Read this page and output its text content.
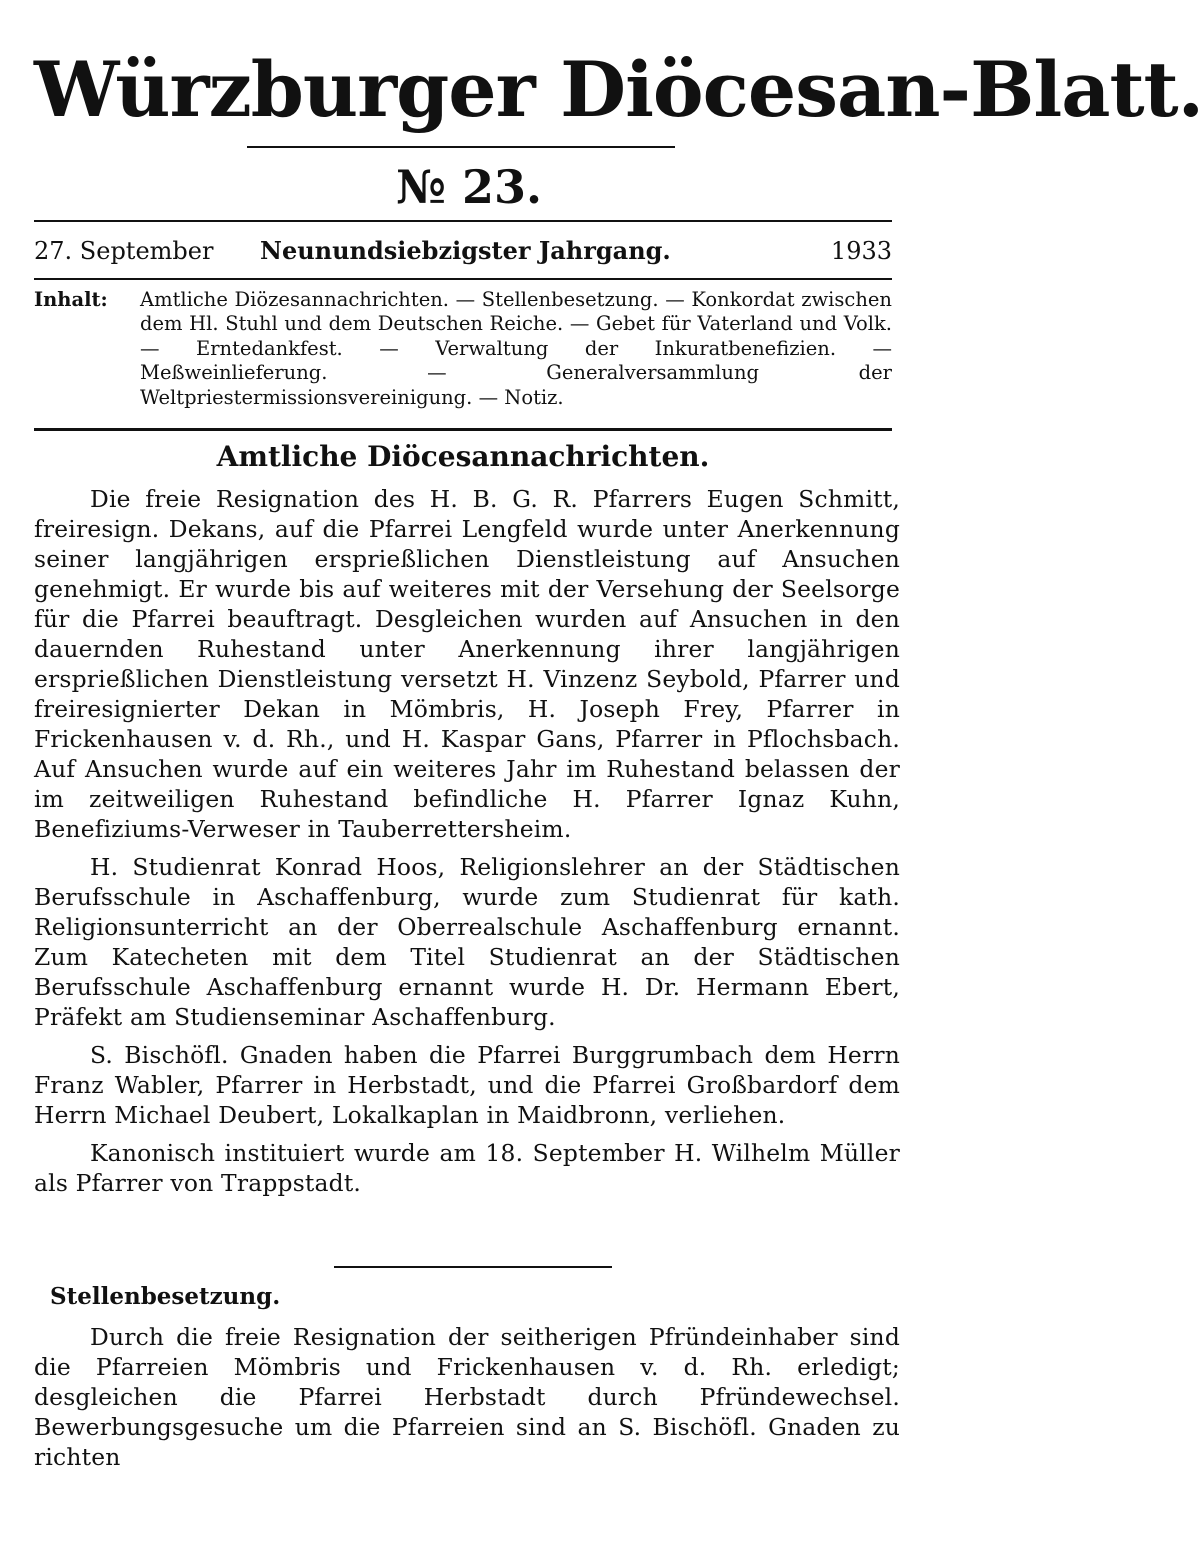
Würzburger Diöcesan-Blatt.
№ 23.
27. September Neunundsiebzigster Jahrgang.	1933
Inhalt: Amtliche Diözesannachrichten. — Stellenbesetzung. — Konkordat zwischen dem Hl. Stuhl und dem Deutschen Reiche. — Gebet für Vaterland und Volk. — Erntedankfest. — Verwaltung der Inkuratbenefizien. — Meßweinlieferung. — Generalversammlung der Weltpriestermissionsvereinigung. — Notiz.
Amtliche Diöcesannachrichten.

Die freie Resignation des H. B. G. R. Pfarrers Eugen Schmitt, freiresign. Dekans, auf die Pfarrei Lengfeld wurde unter Anerkennung seiner langjährigen ersprießlichen Dienstleistung auf Ansuchen genehmigt. Er wurde bis auf weiteres mit der Versehung der Seelsorge für die Pfarrei beauftragt. Desgleichen wurden auf Ansuchen in den dauernden Ruhestand unter Anerkennung ihrer langjährigen ersprießlichen Dienstleistung versetzt H. Vinzenz Seybold, Pfarrer und freiresignierter Dekan in Mömbris, H. Joseph Frey, Pfarrer in Frickenhausen v. d. Rh., und H. Kaspar Gans, Pfarrer in Pflochsbach. Auf Ansuchen wurde auf ein weiteres Jahr im Ruhestand belassen der im zeitweiligen Ruhestand befindliche H. Pfarrer Ignaz Kuhn, Benefiziums-Verweser in Tauberrettersheim.

H. Studienrat Konrad Hoos, Religionslehrer an der Städtischen Berufsschule in Aschaffenburg, wurde zum Studienrat für kath. Religionsunterricht an der Oberrealschule Aschaffenburg ernannt. Zum Katecheten mit dem Titel Studienrat an der Städtischen Berufsschule Aschaffenburg ernannt wurde H. Dr. Hermann Ebert, Präfekt am Studienseminar Aschaffenburg.

S. Bischöfl. Gnaden haben die Pfarrei Burggrumbach dem Herrn Franz Wabler, Pfarrer in Herbstadt, und die Pfarrei Großbardorf dem Herrn Michael Deubert, Lokalkaplan in Maidbronn, verliehen.

Kanonisch instituiert wurde am 18. September H. Wilhelm Müller als Pfarrer von Trappstadt.

Stellenbesetzung.

Durch die freie Resignation der seitherigen Pfründeinhaber sind die Pfarreien Mömbris und Frickenhausen v. d. Rh. erledigt; desgleichen die Pfarrei Herbstadt durch Pfründewechsel. Bewerbungsgesuche um die Pfarreien sind an S. Bischöfl. Gnaden zu richten
